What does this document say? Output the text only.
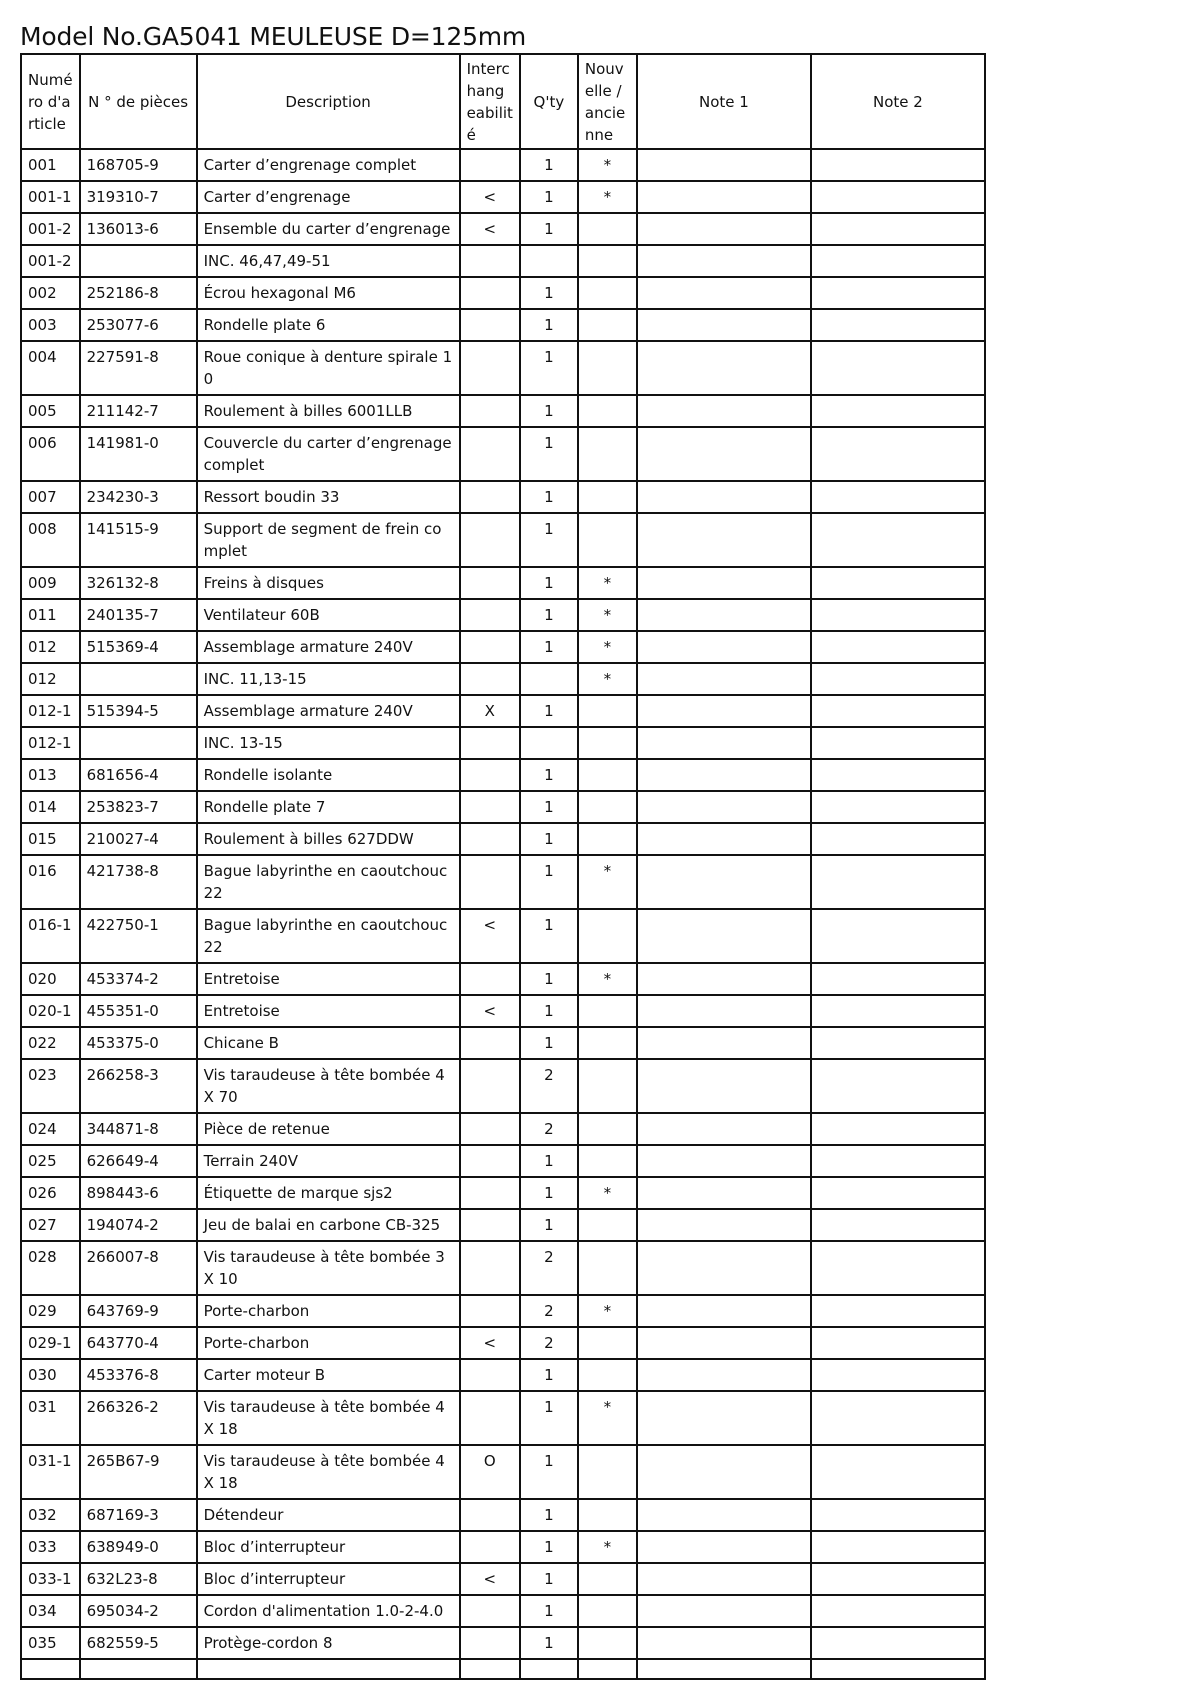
Model No.GA5041 MEULEUSE D=125mm
Numé ro d'a rticle	N ° de pièces	Description	Interc hang eabilit é	Q'ty	Nouv elle / ancie nne	Note 1	Note 2
001	168705-9	Carter d’engrenage complet		1	*		
001-1	319310-7	Carter d’engrenage	<	1	*		
001-2	136013-6	Ensemble du carter d’engrenage	<	1			
001-2		INC. 46,47,49-51					
002	252186-8	Écrou hexagonal M6		1			
003	253077-6	Rondelle plate 6		1			
004	227591-8	Roue conique à denture spirale 1 0		1			
005	211142-7	Roulement à billes 6001LLB		1			
006	141981-0	Couvercle du carter d’engrenage complet		1			
007	234230-3	Ressort boudin 33		1			
008	141515-9	Support de segment de frein co mplet		1			
009	326132-8	Freins à disques		1	*		
011	240135-7	Ventilateur 60B		1	*		
012	515369-4	Assemblage armature 240V		1	*		
012		INC. 11,13-15			*		
012-1	515394-5	Assemblage armature 240V	X	1			
012-1		INC. 13-15					
013	681656-4	Rondelle isolante		1			
014	253823-7	Rondelle plate 7		1			
015	210027-4	Roulement à billes 627DDW		1			
016	421738-8	Bague labyrinthe en caoutchouc 22		1	*		
016-1	422750-1	Bague labyrinthe en caoutchouc 22	<	1			
020	453374-2	Entretoise		1	*		
020-1	455351-0	Entretoise	<	1			
022	453375-0	Chicane B		1			
023	266258-3	Vis taraudeuse à tête bombée 4X 70		2			
024	344871-8	Pièce de retenue		2			
025	626649-4	Terrain 240V		1			
026	898443-6	Étiquette de marque sjs2		1	*		
027	194074-2	Jeu de balai en carbone CB-325		1			
028	266007-8	Vis taraudeuse à tête bombée 3X 10		2			
029	643769-9	Porte-charbon		2	*		
029-1	643770-4	Porte-charbon	<	2			
030	453376-8	Carter moteur B		1			
031	266326-2	Vis taraudeuse à tête bombée 4X 18		1	*		
031-1	265B67-9	Vis taraudeuse à tête bombée 4X 18	O	1			
032	687169-3	Détendeur		1			
033	638949-0	Bloc d’interrupteur		1	*		
033-1	632L23-8	Bloc d’interrupteur	<	1			
034	695034-2	Cordon d'alimentation 1.0-2-4.0		1			
035	682559-5	Protège-cordon 8		1			
